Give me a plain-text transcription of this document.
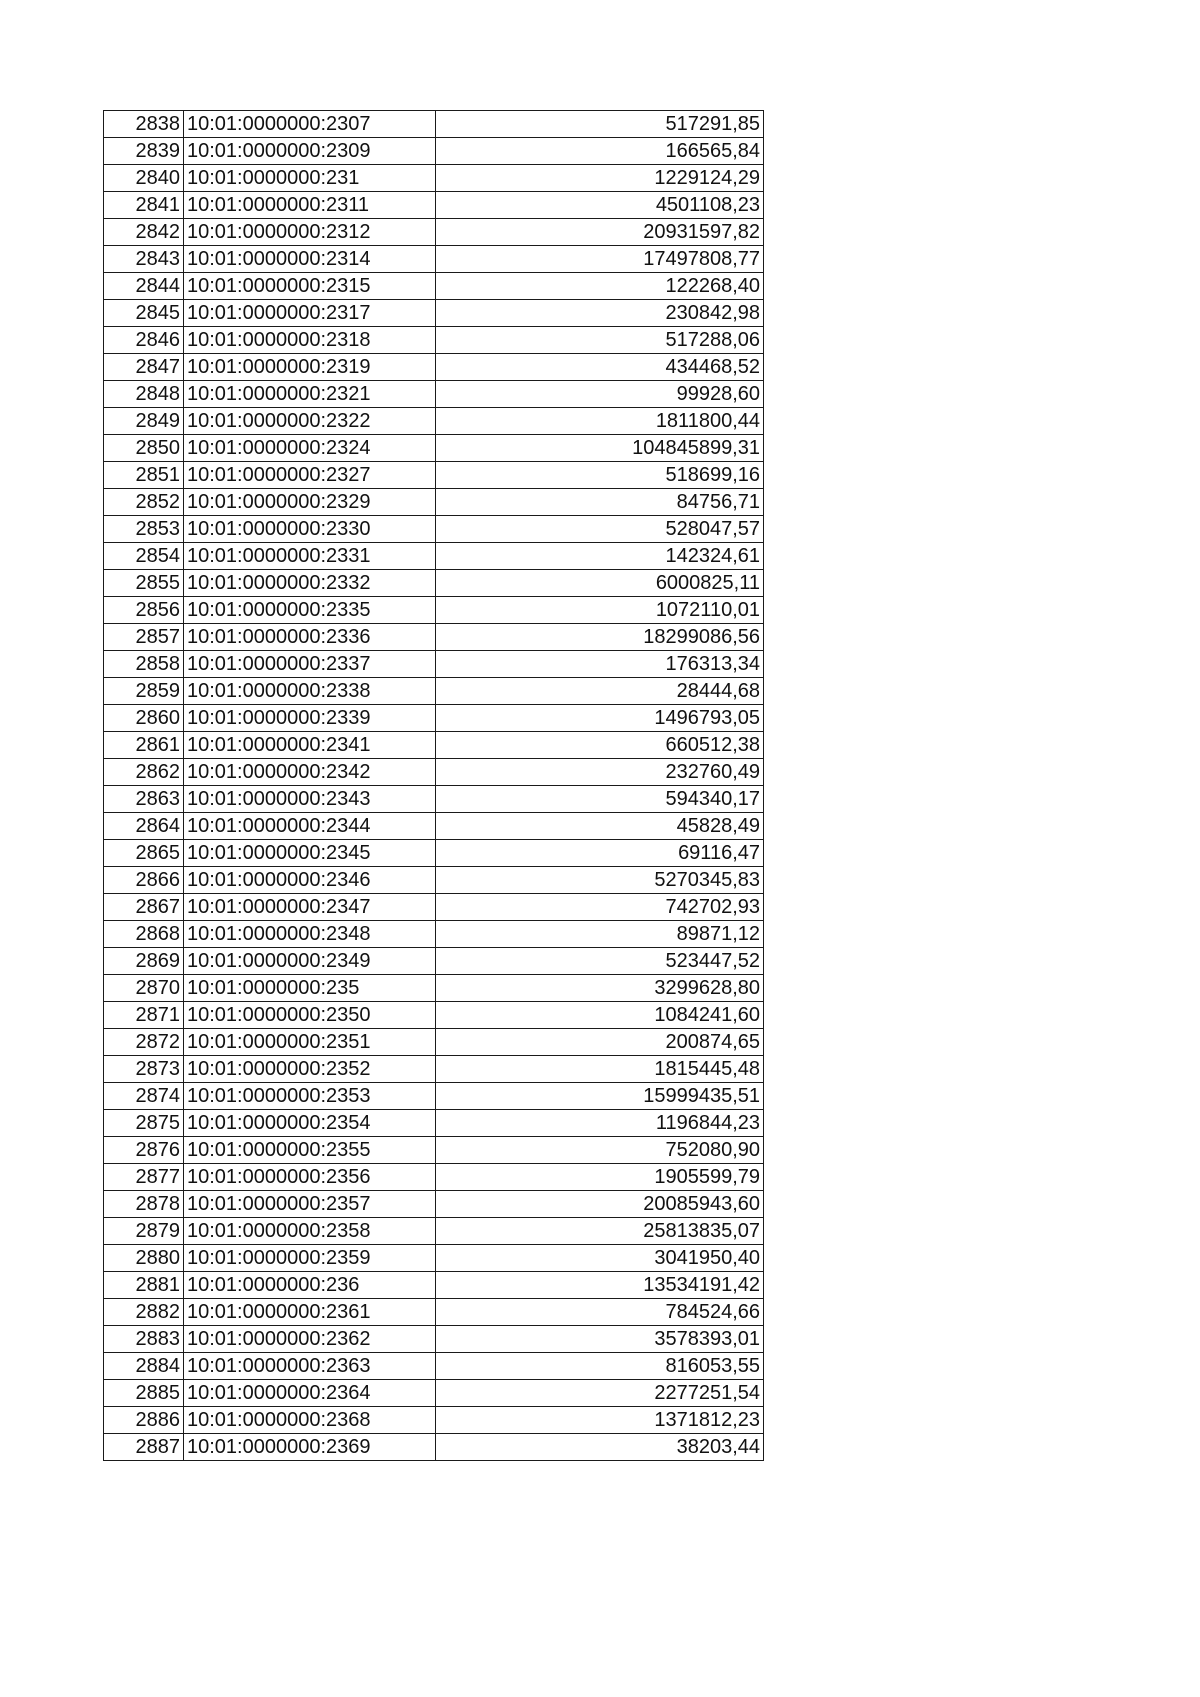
2838	10:01:0000000:2307	517291,85
2839	10:01:0000000:2309	166565,84
2840	10:01:0000000:231	1229124,29
2841	10:01:0000000:2311	4501108,23
2842	10:01:0000000:2312	20931597,82
2843	10:01:0000000:2314	17497808,77
2844	10:01:0000000:2315	122268,40
2845	10:01:0000000:2317	230842,98
2846	10:01:0000000:2318	517288,06
2847	10:01:0000000:2319	434468,52
2848	10:01:0000000:2321	99928,60
2849	10:01:0000000:2322	1811800,44
2850	10:01:0000000:2324	104845899,31
2851	10:01:0000000:2327	518699,16
2852	10:01:0000000:2329	84756,71
2853	10:01:0000000:2330	528047,57
2854	10:01:0000000:2331	142324,61
2855	10:01:0000000:2332	6000825,11
2856	10:01:0000000:2335	1072110,01
2857	10:01:0000000:2336	18299086,56
2858	10:01:0000000:2337	176313,34
2859	10:01:0000000:2338	28444,68
2860	10:01:0000000:2339	1496793,05
2861	10:01:0000000:2341	660512,38
2862	10:01:0000000:2342	232760,49
2863	10:01:0000000:2343	594340,17
2864	10:01:0000000:2344	45828,49
2865	10:01:0000000:2345	69116,47
2866	10:01:0000000:2346	5270345,83
2867	10:01:0000000:2347	742702,93
2868	10:01:0000000:2348	89871,12
2869	10:01:0000000:2349	523447,52
2870	10:01:0000000:235	3299628,80
2871	10:01:0000000:2350	1084241,60
2872	10:01:0000000:2351	200874,65
2873	10:01:0000000:2352	1815445,48
2874	10:01:0000000:2353	15999435,51
2875	10:01:0000000:2354	1196844,23
2876	10:01:0000000:2355	752080,90
2877	10:01:0000000:2356	1905599,79
2878	10:01:0000000:2357	20085943,60
2879	10:01:0000000:2358	25813835,07
2880	10:01:0000000:2359	3041950,40
2881	10:01:0000000:236	13534191,42
2882	10:01:0000000:2361	784524,66
2883	10:01:0000000:2362	3578393,01
2884	10:01:0000000:2363	816053,55
2885	10:01:0000000:2364	2277251,54
2886	10:01:0000000:2368	1371812,23
2887	10:01:0000000:2369	38203,44
